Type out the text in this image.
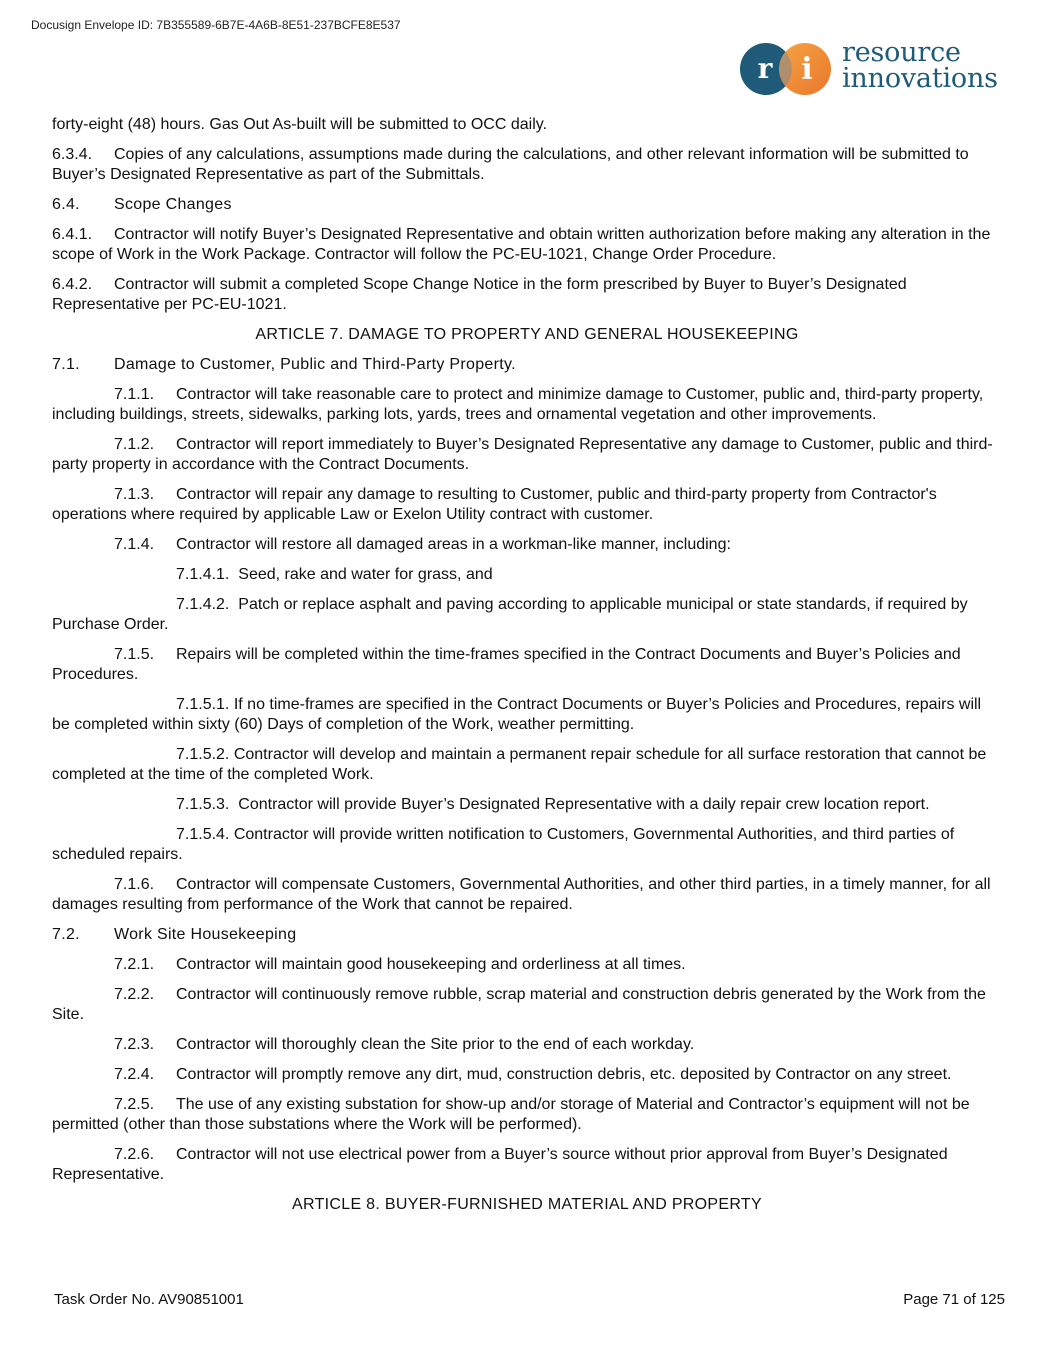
Docusign Envelope ID: 7B355589-6B7E-4A6B-8E51-237BCFE8E537
r i resource
innovations

forty-eight (48) hours. Gas Out As-built will be submitted to OCC daily.

6.3.4. Copies of any calculations, assumptions made during the calculations, and other relevant information will be submitted to Buyer’s Designated Representative as part of the Submittals.

6.4. Scope Changes

6.4.1. Contractor will notify Buyer’s Designated Representative and obtain written authorization before making any alteration in the scope of Work in the Work Package. Contractor will follow the PC-EU-1021, Change Order Procedure.

6.4.2. Contractor will submit a completed Scope Change Notice in the form prescribed by Buyer to Buyer’s Designated Representative per PC-EU-1021.

ARTICLE 7. DAMAGE TO PROPERTY AND GENERAL HOUSEKEEPING

7.1. Damage to Customer, Public and Third-Party Property.

7.1.1. Contractor will take reasonable care to protect and minimize damage to Customer, public and, third-party property, including buildings, streets, sidewalks, parking lots, yards, trees and ornamental vegetation and other improvements.

7.1.2. Contractor will report immediately to Buyer’s Designated Representative any damage to Customer, public and third-party property in accordance with the Contract Documents.

7.1.3. Contractor will repair any damage to resulting to Customer, public and third-party property from Contractor's operations where required by applicable Law or Exelon Utility contract with customer.

7.1.4. Contractor will restore all damaged areas in a workman-like manner, including:

7.1.4.1. Seed, rake and water for grass, and

7.1.4.2. Patch or replace asphalt and paving according to applicable municipal or state standards, if required by Purchase Order.

7.1.5. Repairs will be completed within the time-frames specified in the Contract Documents and Buyer’s Policies and Procedures.

7.1.5.1. If no time-frames are specified in the Contract Documents or Buyer’s Policies and Procedures, repairs will be completed within sixty (60) Days of completion of the Work, weather permitting.

7.1.5.2. Contractor will develop and maintain a permanent repair schedule for all surface restoration that cannot be completed at the time of the completed Work.

7.1.5.3. Contractor will provide Buyer’s Designated Representative with a daily repair crew location report.

7.1.5.4. Contractor will provide written notification to Customers, Governmental Authorities, and third parties of scheduled repairs.

7.1.6. Contractor will compensate Customers, Governmental Authorities, and other third parties, in a timely manner, for all damages resulting from performance of the Work that cannot be repaired.

7.2. Work Site Housekeeping

7.2.1. Contractor will maintain good housekeeping and orderliness at all times.

7.2.2. Contractor will continuously remove rubble, scrap material and construction debris generated by the Work from the Site.

7.2.3. Contractor will thoroughly clean the Site prior to the end of each workday.

7.2.4. Contractor will promptly remove any dirt, mud, construction debris, etc. deposited by Contractor on any street.

7.2.5. The use of any existing substation for show-up and/or storage of Material and Contractor’s equipment will not be permitted (other than those substations where the Work will be performed).

7.2.6. Contractor will not use electrical power from a Buyer’s source without prior approval from Buyer’s Designated Representative.

ARTICLE 8. BUYER-FURNISHED MATERIAL AND PROPERTY

Task Order No. AV90851001	Page 71 of 125
